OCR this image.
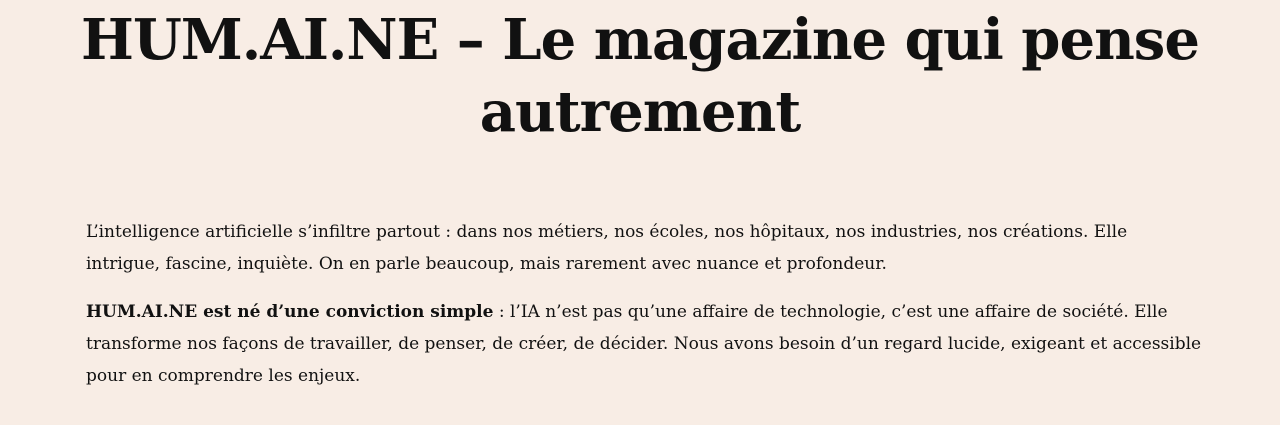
HUM.AI.NE – Le magazine qui pense autrement

L’intelligence artificielle s’infiltre partout : dans nos métiers, nos écoles, nos hôpitaux, nos industries, nos créations. Elle intrigue, fascine, inquiète. On en parle beaucoup, mais rarement avec nuance et profondeur.

HUM.AI.NE est né d’une conviction simple : l’IA n’est pas qu’une affaire de technologie, c’est une affaire de société. Elle transforme nos façons de travailler, de penser, de créer, de décider. Nous avons besoin d’un regard lucide, exigeant et accessible pour en comprendre les enjeux.
